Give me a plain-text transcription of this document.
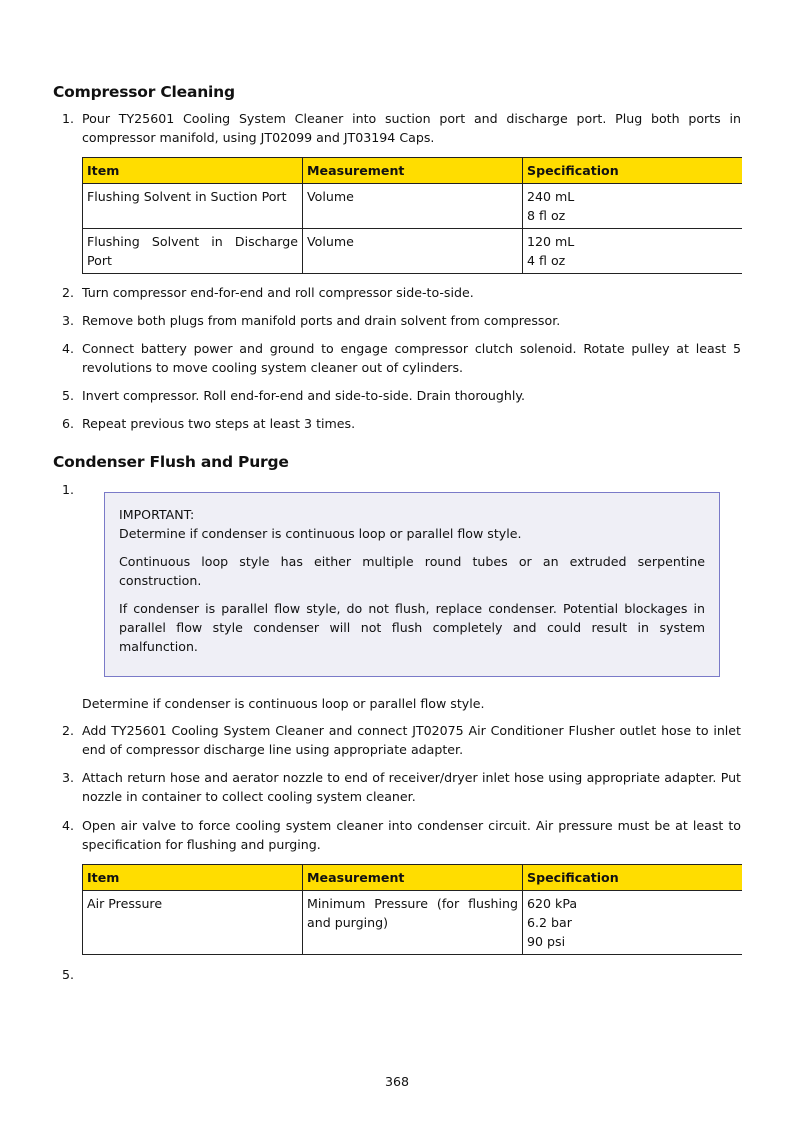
Compressor Cleaning
1. Pour TY25601 Cooling System Cleaner into suction port and discharge port. Plug both ports in compressor manifold, using JT02099 and JT03194 Caps.
Item	Measurement	Specification
Flushing Solvent in Suction Port	Volume	240 mL
8 fl oz

Flushing Solvent in Discharge Port	Volume	120 mL
4 fl oz
2. Turn compressor end-for-end and roll compressor side-to-side.
3. Remove both plugs from manifold ports and drain solvent from compressor.
4. Connect battery power and ground to engage compressor clutch solenoid. Rotate pulley at least 5 revolutions to move cooling system cleaner out of cylinders.
5. Invert compressor. Roll end-for-end and side-to-side. Drain thoroughly.
6. Repeat previous two steps at least 3 times.
Condenser Flush and Purge
1.

IMPORTANT:

Determine if condenser is continuous loop or parallel flow style.

Continuous loop style has either multiple round tubes or an extruded serpentine construction.

If condenser is parallel flow style, do not flush, replace condenser. Potential blockages in parallel flow style condenser will not flush completely and could result in system malfunction.

Determine if condenser is continuous loop or parallel flow style.
2. Add TY25601 Cooling System Cleaner and connect JT02075 Air Conditioner Flusher outlet hose to inlet end of compressor discharge line using appropriate adapter.
3. Attach return hose and aerator nozzle to end of receiver/dryer inlet hose using appropriate adapter. Put nozzle in container to collect cooling system cleaner.
4. Open air valve to force cooling system cleaner into condenser circuit. Air pressure must be at least to specification for flushing and purging.
Item	Measurement	Specification
Air Pressure	Minimum Pressure (for flushing and purging)	620 kPa
6.2 bar
90 psi
5.
368
